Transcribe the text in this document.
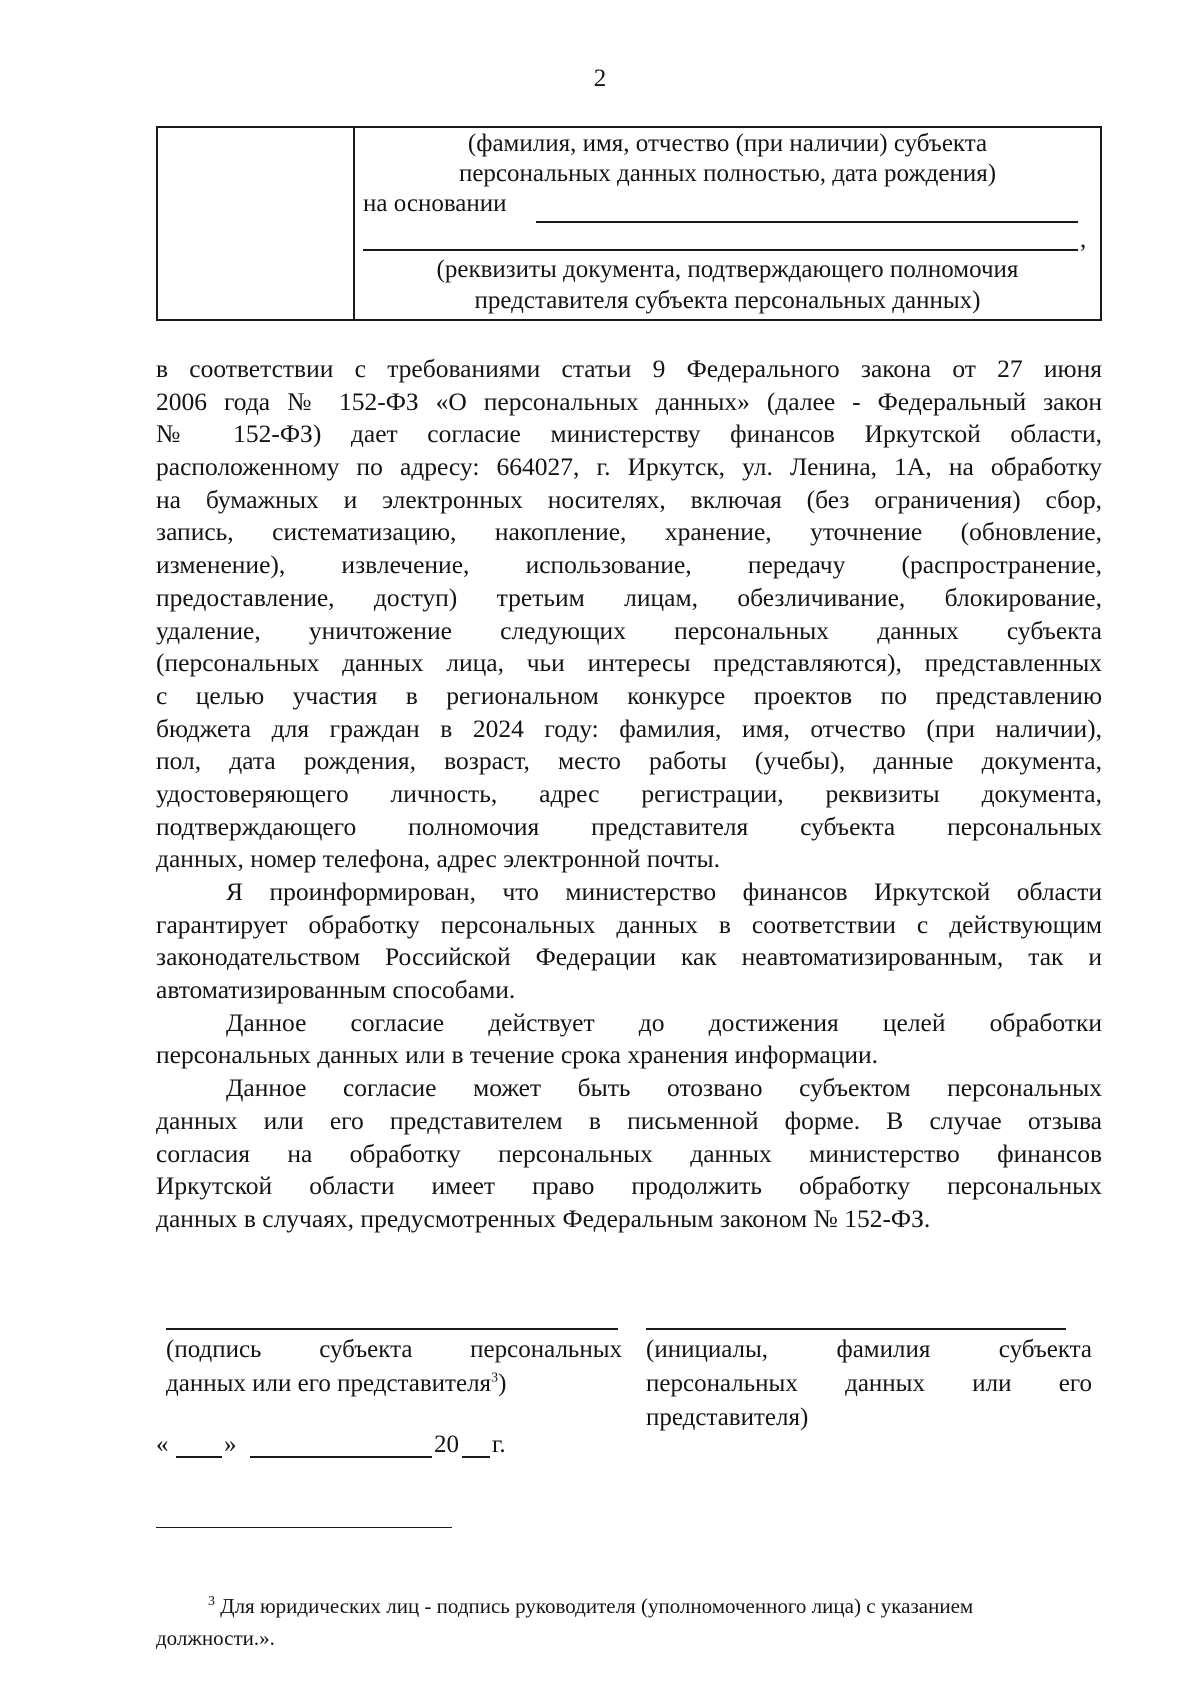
2
(фамилия, имя, отчество (при наличии) субъекта
персональных данных полностью, дата рождения)
на основании
,
(реквизиты документа, подтверждающего полномочия
представителя субъекта персональных данных)
в соответствии с требованиями статьи 9 Федерального закона от 27 июня
2006 года № 152-ФЗ «О персональных данных» (далее - Федеральный закон
№ 152-ФЗ) дает согласие министерству финансов Иркутской области,
расположенному по адресу: 664027, г. Иркутск, ул. Ленина, 1А, на обработку
на бумажных и электронных носителях, включая (без ограничения) сбор,
запись, систематизацию, накопление, хранение, уточнение (обновление,
изменение), извлечение, использование, передачу (распространение,
предоставление, доступ) третьим лицам, обезличивание, блокирование,
удаление, уничтожение следующих персональных данных субъекта
(персональных данных лица, чьи интересы представляются), представленных
с целью участия в региональном конкурсе проектов по представлению
бюджета для граждан в 2024 году: фамилия, имя, отчество (при наличии),
пол, дата рождения, возраст, место работы (учебы), данные документа,
удостоверяющего личность, адрес регистрации, реквизиты документа,
подтверждающего полномочия представителя субъекта персональных
данных, номер телефона, адрес электронной почты.
Я проинформирован, что министерство финансов Иркутской области
гарантирует обработку персональных данных в соответствии с действующим
законодательством Российской Федерации как неавтоматизированным, так и
автоматизированным способами.
Данное согласие действует до достижения целей обработки
персональных данных или в течение срока хранения информации.
Данное согласие может быть отозвано субъектом персональных
данных или его представителем в письменной форме. В случае отзыва
согласия на обработку персональных данных министерство финансов
Иркутской области имеет право продолжить обработку персональных
данных в случаях, предусмотренных Федеральным законом № 152-ФЗ.
(подпись субъекта персональных
данных или его представителя$^3$)
(инициалы, фамилия субъекта
персональных данных или его
представителя)
« »	20 г.
$^3$ Для юридических лиц - подпись руководителя (уполномоченного лица) с указанием
должности.».
